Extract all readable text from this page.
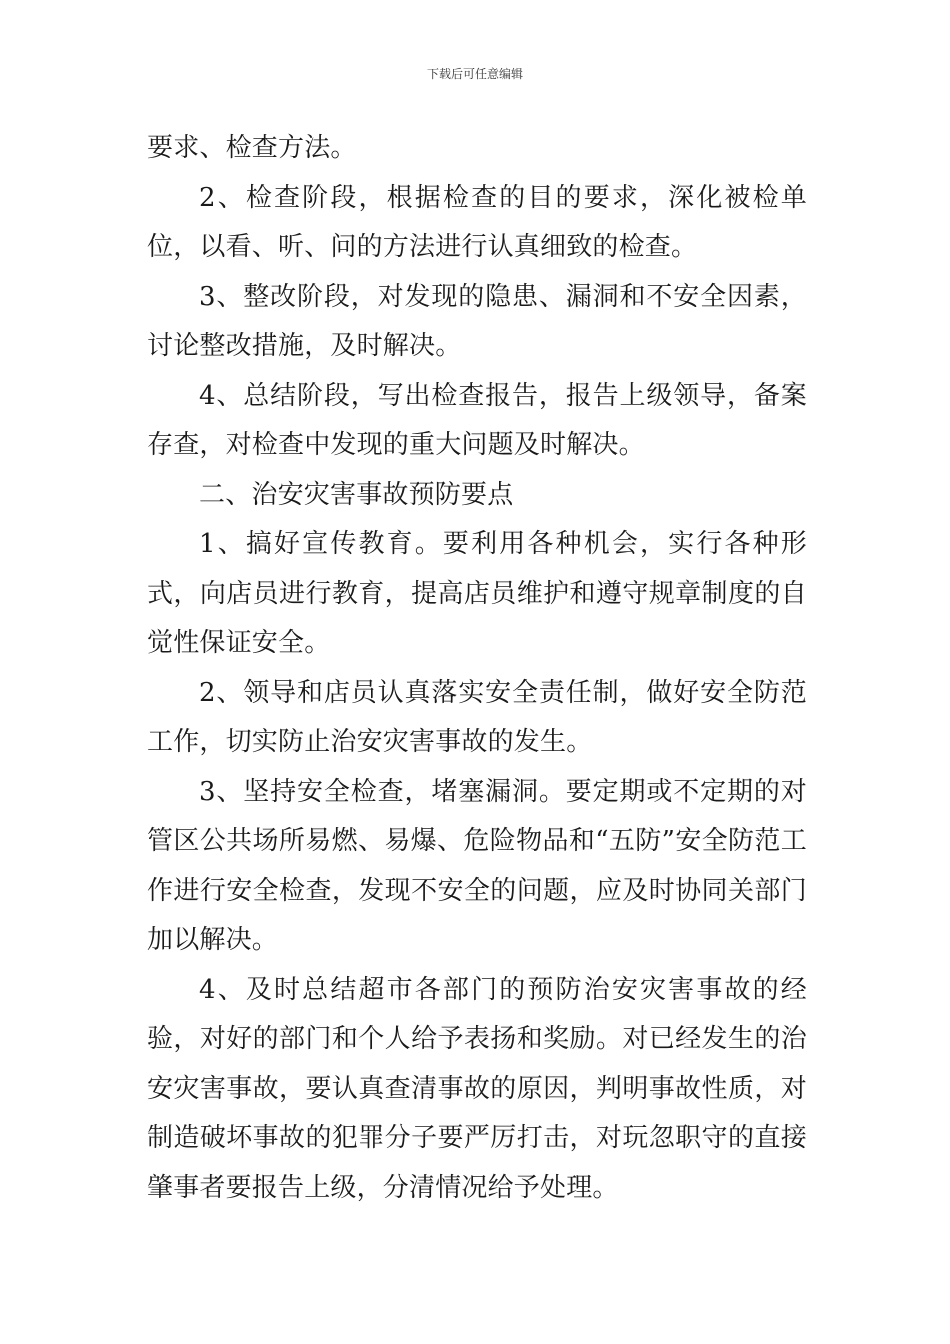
下载后可任意编辑

要求、检查方法。

2、检查阶段，根据检查的目的要求，深化被检单位，以看、听、问的方法进行认真细致的检查。

3、整改阶段，对发现的隐患、漏洞和不安全因素，讨论整改措施，及时解决。

4、总结阶段，写出检查报告，报告上级领导，备案存查，对检查中发现的重大问题及时解决。

二、治安灾害事故预防要点

1、搞好宣传教育。要利用各种机会，实行各种形式，向店员进行教育，提高店员维护和遵守规章制度的自觉性保证安全。

2、领导和店员认真落实安全责任制，做好安全防范工作，切实防止治安灾害事故的发生。

3、坚持安全检查，堵塞漏洞。要定期或不定期的对管区公共场所易燃、易爆、危险物品和“五防”安全防范工作进行安全检查，发现不安全的问题，应及时协同关部门加以解决。

4、及时总结超市各部门的预防治安灾害事故的经验，对好的部门和个人给予表扬和奖励。对已经发生的治安灾害事故，要认真查清事故的原因，判明事故性质，对制造破坏事故的犯罪分子要严厉打击，对玩忽职守的直接肇事者要报告上级，分清情况给予处理。
